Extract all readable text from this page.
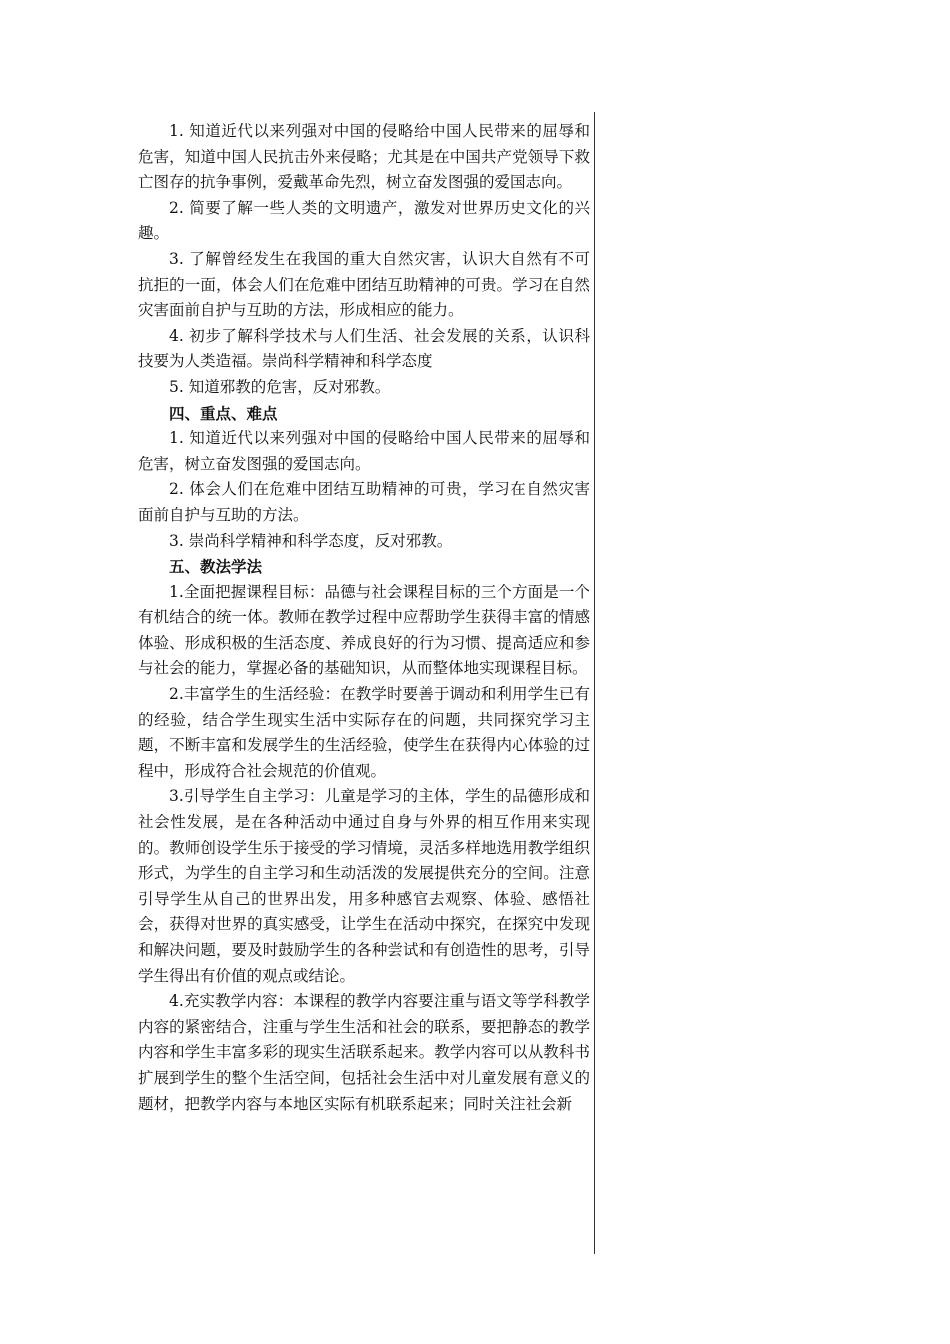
1. 知道近代以来列强对中国的侵略给中国人民带来的屈辱和危害，知道中国人民抗击外来侵略；尤其是在中国共产党领导下救亡图存的抗争事例，爱戴革命先烈，树立奋发图强的爱国志向。

2. 简要了解一些人类的文明遗产，激发对世界历史文化的兴趣。

3. 了解曾经发生在我国的重大自然灾害，认识大自然有不可抗拒的一面，体会人们在危难中团结互助精神的可贵。学习在自然灾害面前自护与互助的方法，形成相应的能力。

4. 初步了解科学技术与人们生活、社会发展的关系，认识科技要为人类造福。崇尚科学精神和科学态度

5. 知道邪教的危害，反对邪教。

四、重点、难点

1. 知道近代以来列强对中国的侵略给中国人民带来的屈辱和危害，树立奋发图强的爱国志向。

2. 体会人们在危难中团结互助精神的可贵，学习在自然灾害面前自护与互助的方法。

3. 崇尚科学精神和科学态度，反对邪教。

五、教法学法

1.全面把握课程目标：品德与社会课程目标的三个方面是一个有机结合的统一体。教师在教学过程中应帮助学生获得丰富的情感体验、形成积极的生活态度、养成良好的行为习惯、提高适应和参与社会的能力，掌握必备的基础知识，从而整体地实现课程目标。

2.丰富学生的生活经验：在教学时要善于调动和利用学生已有的经验，结合学生现实生活中实际存在的问题，共同探究学习主题，不断丰富和发展学生的生活经验，使学生在获得内心体验的过程中，形成符合社会规范的价值观。

3.引导学生自主学习：儿童是学习的主体，学生的品德形成和社会性发展，是在各种活动中通过自身与外界的相互作用来实现的。教师创设学生乐于接受的学习情境，灵活多样地选用教学组织形式，为学生的自主学习和生动活泼的发展提供充分的空间。注意引导学生从自己的世界出发，用多种感官去观察、体验、感悟社会，获得对世界的真实感受，让学生在活动中探究，在探究中发现和解决问题，要及时鼓励学生的各种尝试和有创造性的思考，引导学生得出有价值的观点或结论。

4.充实教学内容：本课程的教学内容要注重与语文等学科教学内容的紧密结合，注重与学生生活和社会的联系，要把静态的教学内容和学生丰富多彩的现实生活联系起来。教学内容可以从教科书扩展到学生的整个生活空间，包括社会生活中对儿童发展有意义的题材，把教学内容与本地区实际有机联系起来；同时关注社会新
